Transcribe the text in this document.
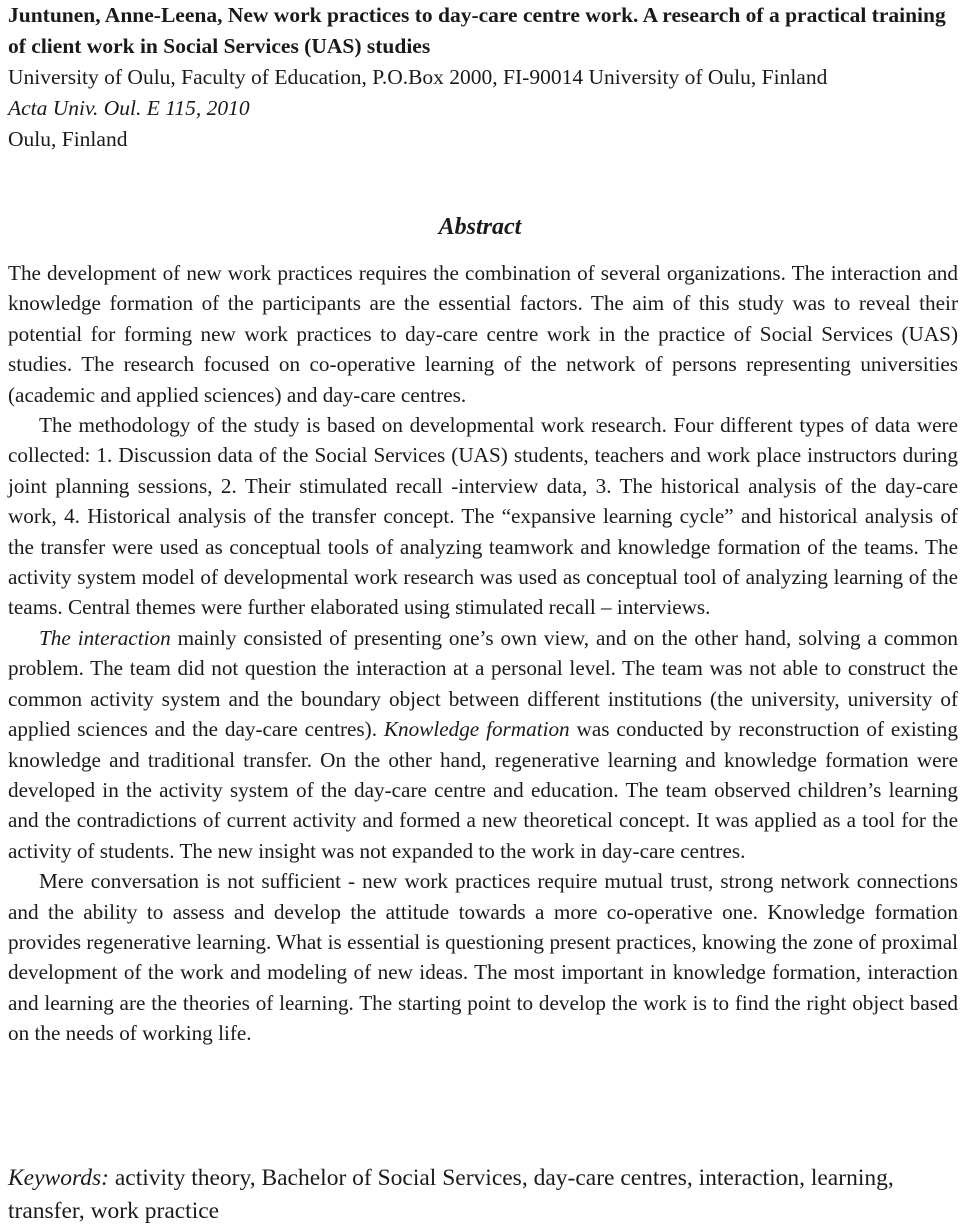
Juntunen, Anne-Leena, New work practices to day-care centre work. A research of a practical training of client work in Social Services (UAS) studies

University of Oulu, Faculty of Education, P.O.Box 2000, FI-90014 University of Oulu, Finland

Acta Univ. Oul. E 115, 2010

Oulu, Finland

Abstract

The development of new work practices requires the combination of several organizations. The interaction and knowledge formation of the participants are the essential factors. The aim of this study was to reveal their potential for forming new work practices to day-care centre work in the practice of Social Services (UAS) studies. The research focused on co-operative learning of the network of persons representing universities (academic and applied sciences) and day-care centres.

The methodology of the study is based on developmental work research. Four different types of data were collected: 1. Discussion data of the Social Services (UAS) students, teachers and work place instructors during joint planning sessions, 2. Their stimulated recall -interview data, 3. The historical analysis of the day-care work, 4. Historical analysis of the transfer concept. The “expansive learning cycle” and historical analysis of the transfer were used as conceptual tools of analyzing teamwork and knowledge formation of the teams. The activity system model of developmental work research was used as conceptual tool of analyzing learning of the teams. Central themes were further elaborated using stimulated recall – interviews.

The interaction mainly consisted of presenting one’s own view, and on the other hand, solving a common problem. The team did not question the interaction at a personal level. The team was not able to construct the common activity system and the boundary object between different institutions (the university, university of applied sciences and the day-care centres). Knowledge formation was conducted by reconstruction of existing knowledge and traditional transfer. On the other hand, regenerative learning and knowledge formation were developed in the activity system of the day-care centre and education. The team observed children’s learning and the contradictions of current activity and formed a new theoretical concept. It was applied as a tool for the activity of students. The new insight was not expanded to the work in day-care centres.

Mere conversation is not sufficient - new work practices require mutual trust, strong network connections and the ability to assess and develop the attitude towards a more co-operative one. Knowledge formation provides regenerative learning. What is essential is questioning present practices, knowing the zone of proximal development of the work and modeling of new ideas. The most important in knowledge formation, interaction and learning are the theories of learning. The starting point to develop the work is to find the right object based on the needs of working life.

Keywords: activity theory, Bachelor of Social Services, day-care centres, interaction, learning, transfer, work practice
